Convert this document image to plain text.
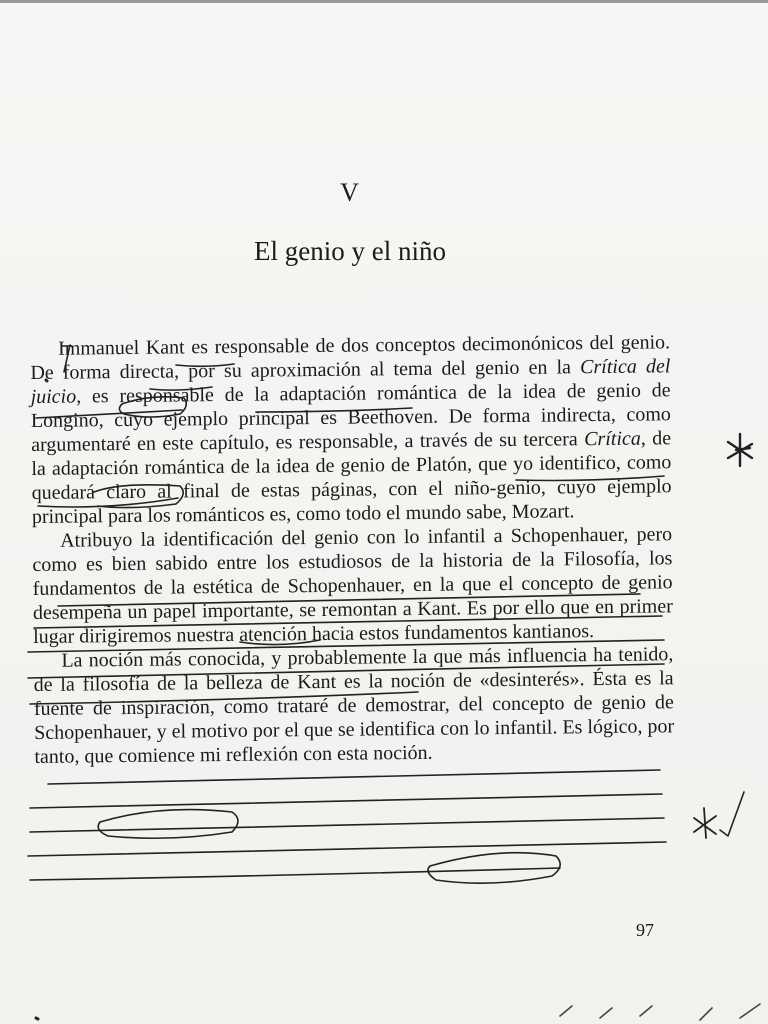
V
El genio y el niño

Immanuel Kant es responsable de dos conceptos decimonónicos del genio. De forma directa, por su aproximación al tema del genio en la Crítica del juicio, es responsable de la adaptación romántica de la idea de genio de Longino, cuyo ejemplo principal es Beethoven. De forma indirecta, como argumentaré en este capítulo, es responsable, a través de su tercera Crítica, de la adaptación romántica de la idea de genio de Platón, que yo identifico, como quedará claro al final de estas páginas, con el niño-genio, cuyo ejemplo principal para los románticos es, como todo el mundo sabe, Mozart.

Atribuyo la identificación del genio con lo infantil a Schopenhauer, pero como es bien sabido entre los estudiosos de la historia de la Filosofía, los fundamentos de la estética de Schopenhauer, en la que el concepto de genio desempeña un papel importante, se remontan a Kant. Es por ello que en primer lugar dirigiremos nuestra atención hacia estos fundamentos kantianos.

La noción más conocida, y probablemente la que más influencia ha tenido, de la filosofía de la belleza de Kant es la noción de «desinterés». Ésta es la fuente de inspiración, como trataré de demostrar, del concepto de genio de Schopenhauer, y el motivo por el que se identifica con lo infantil. Es lógico, por tanto, que comience mi reflexión con esta noción.

97
